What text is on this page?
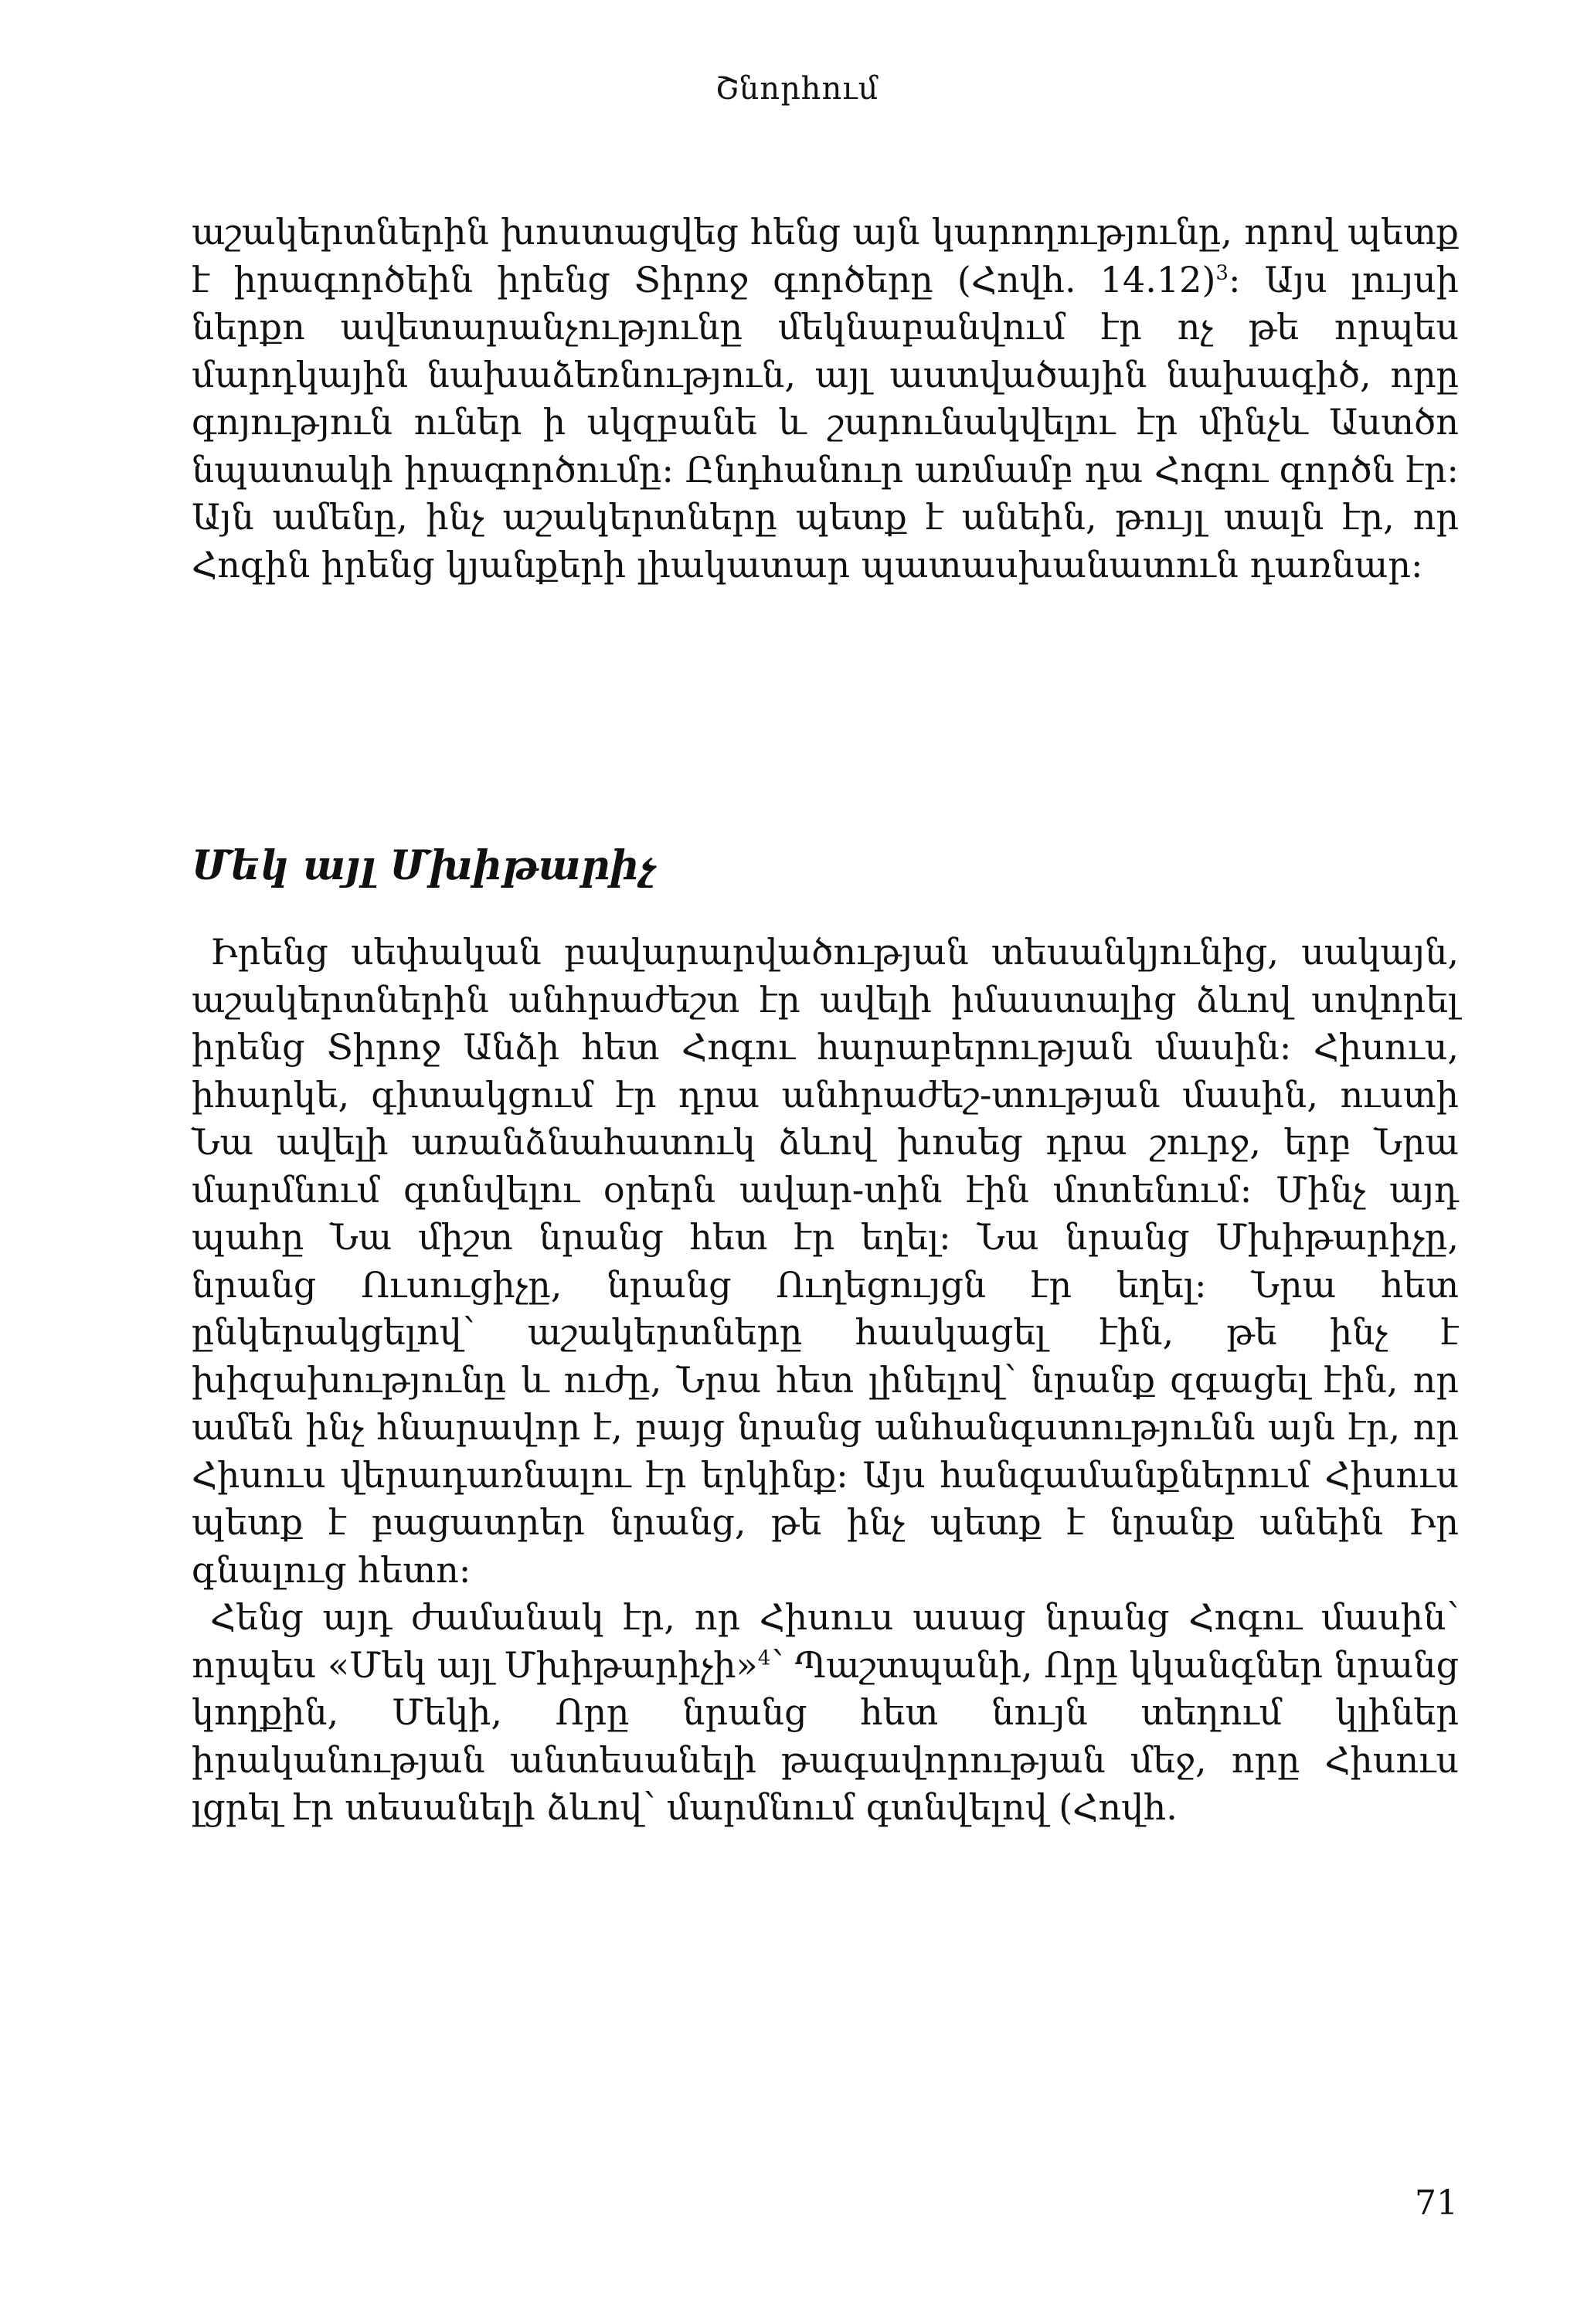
Շնորհում

աշակերտներին խոստացվեց հենց այն կարողությունը, որով պետք է իրագործեին իրենց Տիրոջ գործերը (Հովհ. 14.12)$^3$: Այս լույսի ներքո ավետարանչությունը մեկնաբանվում էր ոչ թե որպես մարդկային նախաձեռնություն, այլ աստվածային նախագիծ, որը գոյություն ուներ ի սկզբանե և շարունակվելու էր մինչև Աստծո նպատակի իրագործումը: Ընդհանուր առմամբ դա Հոգու գործն էր: Այն ամենը, ինչ աշակերտները պետք է անեին, թույլ տալն էր, որ Հոգին իրենց կյանքերի լիակատար պատասխանատուն դառնար:

Մեկ այլ Մխիթարիչ

Իրենց սեփական բավարարվածության տեսանկյունից, սակայն, աշակերտներին անհրաժեշտ էր ավելի իմաստալից ձևով սովորել իրենց Տիրոջ Անձի հետ Հոգու հարաբերության մասին: Հիսուս, իհարկե, գիտակցում էր դրա անհրաժեշ-տության մասին, ուստի Նա ավելի առանձնահատուկ ձևով խոսեց դրա շուրջ, երբ Նրա մարմնում գտնվելու օրերն ավար-տին էին մոտենում: Մինչ այդ պահը Նա միշտ նրանց հետ էր եղել: Նա նրանց Մխիթարիչը, նրանց Ուսուցիչը, նրանց Ուղեցույցն էր եղել: Նրա հետ ընկերակցելով՝ աշակերտները հասկացել էին, թե ինչ է խիզախությունը և ուժը, Նրա հետ լինելով՝ նրանք զգացել էին, որ ամեն ինչ հնարավոր է, բայց նրանց անհանգստությունն այն էր, որ Հիսուս վերադառնալու էր երկինք: Այս հանգամանքներում Հիսուս պետք է բացատրեր նրանց, թե ինչ պետք է նրանք անեին Իր գնալուց հետո:

Հենց այդ ժամանակ էր, որ Հիսուս ասաց նրանց Հոգու մասին՝ որպես «Մեկ այլ Մխիթարիչի»$^4$՝ Պաշտպանի, Որը կկանգներ նրանց կողքին, Մեկի, Որը նրանց հետ նույն տեղում կլիներ իրականության անտեսանելի թագավորության մեջ, որը Հիսուս լցրել էր տեսանելի ձևով՝ մարմնում գտնվելով (Հովհ.

71
